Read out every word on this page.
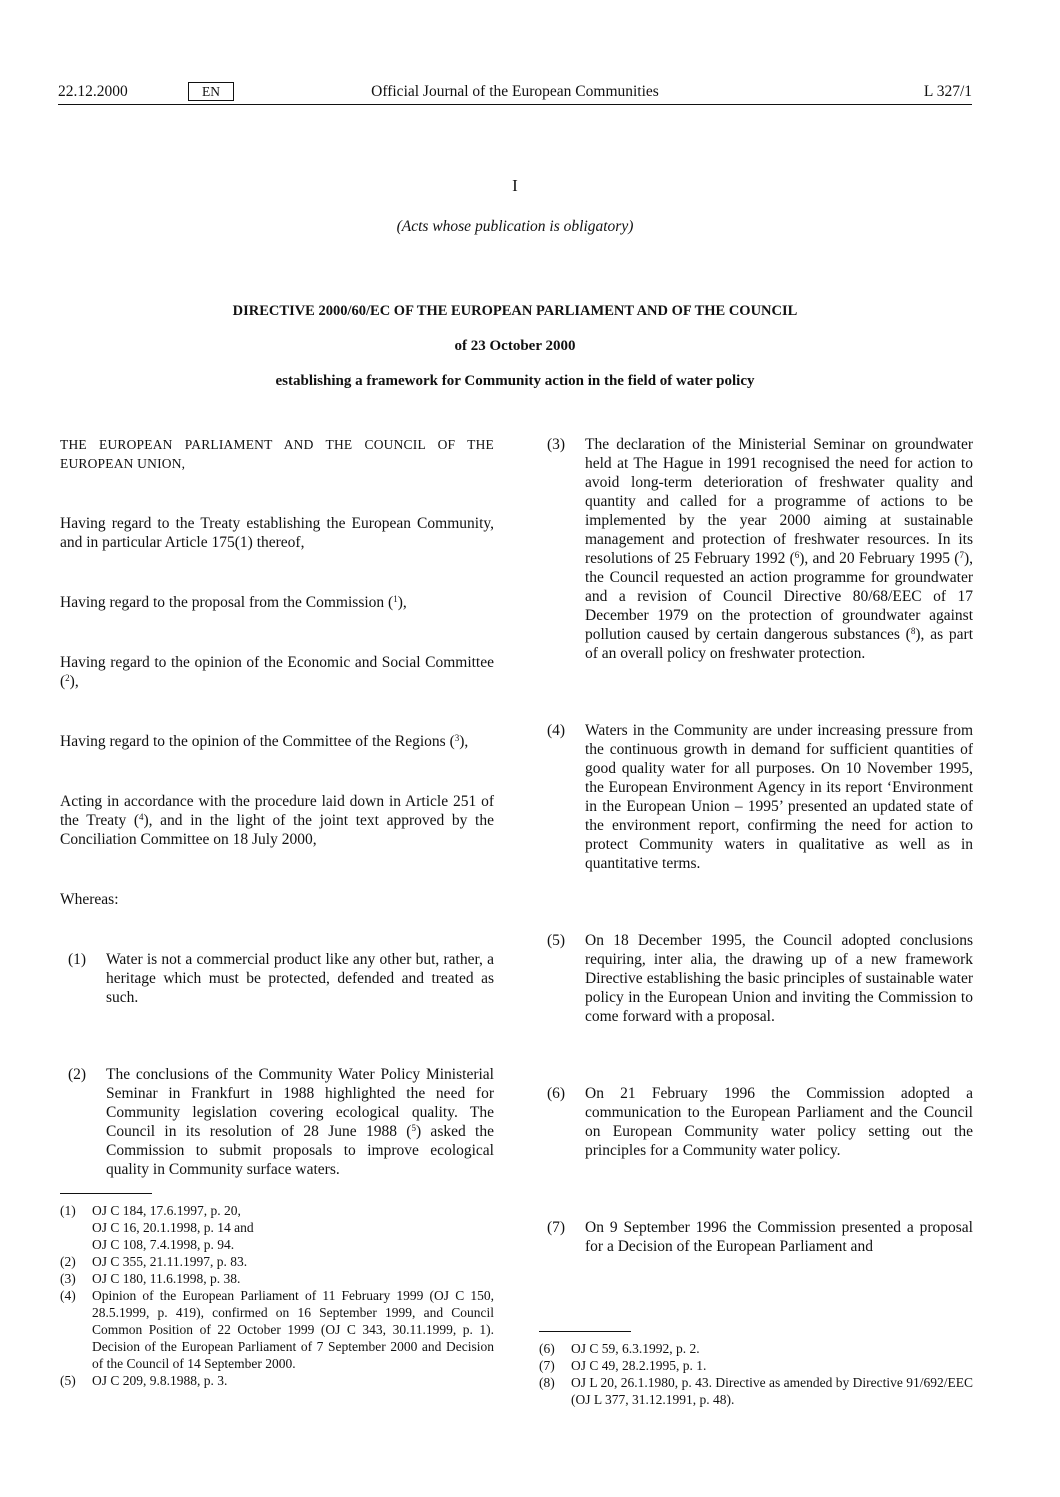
Official Journal of the European Communities
22.12.2000	EN	L 327/1
I
(Acts whose publication is obligatory)
DIRECTIVE 2000/60/EC OF THE EUROPEAN PARLIAMENT AND OF THE COUNCIL
of 23 October 2000
establishing a framework for Community action in the field of water policy

THE EUROPEAN PARLIAMENT AND THE COUNCIL OF THE EUROPEAN UNION,

Having regard to the Treaty establishing the European Community, and in particular Article 175(1) thereof,

Having regard to the proposal from the Commission ($^1$),

Having regard to the opinion of the Economic and Social Committee ($^2$),

Having regard to the opinion of the Committee of the Regions ($^3$),

Acting in accordance with the procedure laid down in Article 251 of the Treaty ($^4$), and in the light of the joint text approved by the Conciliation Committee on 18 July 2000,

Whereas:

(1)	Water is not a commercial product like any other but, rather, a heritage which must be protected, defended and treated as such.

(2)	The conclusions of the Community Water Policy Ministerial Seminar in Frankfurt in 1988 highlighted the need for Community legislation covering ecological quality. The Council in its resolution of 28 June 1988 ($^5$) asked the Commission to submit proposals to improve ecological quality in Community surface waters.

(1)	OJ C 184, 17.6.1997, p. 20,
OJ C 16, 20.1.1998, p. 14 and
OJ C 108, 7.4.1998, p. 94.
(2)	OJ C 355, 21.11.1997, p. 83.
(3)	OJ C 180, 11.6.1998, p. 38.
(4)	Opinion of the European Parliament of 11 February 1999 (OJ C 150, 28.5.1999, p. 419), confirmed on 16 September 1999, and Council Common Position of 22 October 1999 (OJ C 343, 30.11.1999, p. 1). Decision of the European Parliament of 7 September 2000 and Decision of the Council of 14 September 2000.
(5)	OJ C 209, 9.8.1988, p. 3.
(3)	The declaration of the Ministerial Seminar on groundwater held at The Hague in 1991 recognised the need for action to avoid long-term deterioration of freshwater quality and quantity and called for a programme of actions to be implemented by the year 2000 aiming at sustainable management and protection of freshwater resources. In its resolutions of 25 February 1992 ($^6$), and 20 February 1995 ($^7$), the Council requested an action programme for groundwater and a revision of Council Directive 80/68/EEC of 17 December 1979 on the protection of groundwater against pollution caused by certain dangerous substances ($^8$), as part of an overall policy on freshwater protection.

(4)	Waters in the Community are under increasing pressure from the continuous growth in demand for sufficient quantities of good quality water for all purposes. On 10 November 1995, the European Environment Agency in its report ‘Environment in the European Union – 1995’ presented an updated state of the environment report, confirming the need for action to protect Community waters in qualitative as well as in quantitative terms.

(5)	On 18 December 1995, the Council adopted conclusions requiring, inter alia, the drawing up of a new framework Directive establishing the basic principles of sustainable water policy in the European Union and inviting the Commission to come forward with a proposal.

(6)	On 21 February 1996 the Commission adopted a communication to the European Parliament and the Council on European Community water policy setting out the principles for a Community water policy.

(7)	On 9 September 1996 the Commission presented a proposal for a Decision of the European Parliament and

(6)	OJ C 59, 6.3.1992, p. 2.
(7)	OJ C 49, 28.2.1995, p. 1.
(8)	OJ L 20, 26.1.1980, p. 43. Directive as amended by Directive 91/692/EEC (OJ L 377, 31.12.1991, p. 48).
